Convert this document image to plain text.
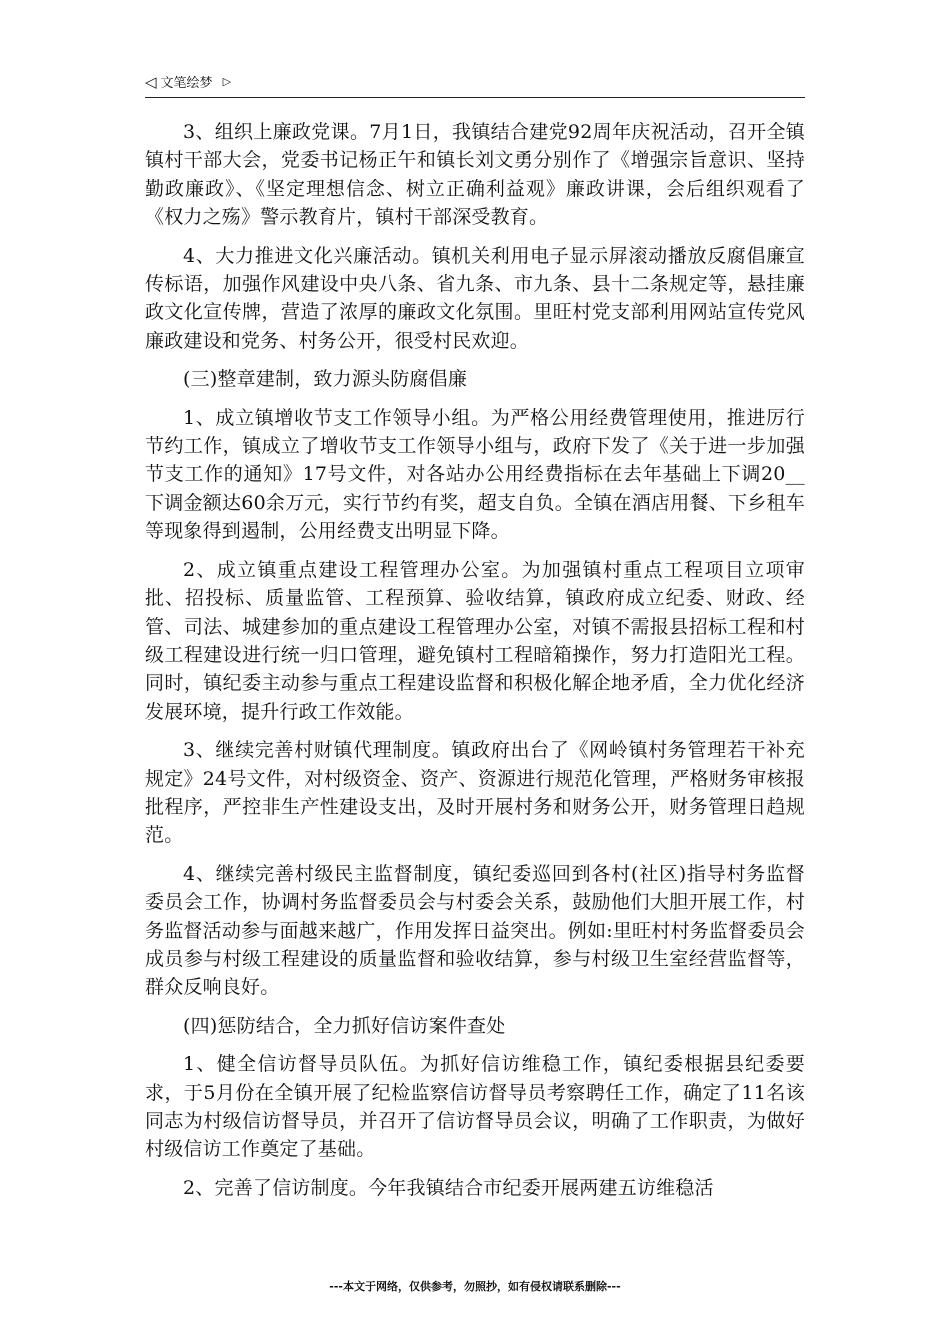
◁ 文笔绘梦 ▷

3、组织上廉政党课。7月1日，我镇结合建党92周年庆祝活动，召开全镇镇村干部大会，党委书记杨正午和镇长刘文勇分别作了《增强宗旨意识、坚持勤政廉政》、《坚定理想信念、树立正确利益观》廉政讲课，会后组织观看了《权力之殇》警示教育片，镇村干部深受教育。

4、大力推进文化兴廉活动。镇机关利用电子显示屏滚动播放反腐倡廉宣传标语，加强作风建设中央八条、省九条、市九条、县十二条规定等，悬挂廉政文化宣传牌，营造了浓厚的廉政文化氛围。里旺村党支部利用网站宣传党风廉政建设和党务、村务公开，很受村民欢迎。

(三)整章建制，致力源头防腐倡廉

1、成立镇增收节支工作领导小组。为严格公用经费管理使用，推进厉行节约工作，镇成立了增收节支工作领导小组与，政府下发了《关于进一步加强节支工作的通知》17号文件，对各站办公用经费指标在去年基础上下调20__下调金额达60余万元，实行节约有奖，超支自负。全镇在酒店用餐、下乡租车等现象得到遏制，公用经费支出明显下降。

2、成立镇重点建设工程管理办公室。为加强镇村重点工程项目立项审批、招投标、质量监管、工程预算、验收结算，镇政府成立纪委、财政、经管、司法、城建参加的重点建设工程管理办公室，对镇不需报县招标工程和村级工程建设进行统一归口管理，避免镇村工程暗箱操作，努力打造阳光工程。同时，镇纪委主动参与重点工程建设监督和积极化解企地矛盾，全力优化经济发展环境，提升行政工作效能。

3、继续完善村财镇代理制度。镇政府出台了《网岭镇村务管理若干补充规定》24号文件，对村级资金、资产、资源进行规范化管理，严格财务审核报批程序，严控非生产性建设支出，及时开展村务和财务公开，财务管理日趋规范。

4、继续完善村级民主监督制度，镇纪委巡回到各村(社区)指导村务监督委员会工作，协调村务监督委员会与村委会关系，鼓励他们大胆开展工作，村务监督活动参与面越来越广，作用发挥日益突出。例如:里旺村村务监督委员会成员参与村级工程建设的质量监督和验收结算，参与村级卫生室经营监督等，群众反响良好。

(四)惩防结合，全力抓好信访案件查处

1、健全信访督导员队伍。为抓好信访维稳工作，镇纪委根据县纪委要求，于5月份在全镇开展了纪检监察信访督导员考察聘任工作，确定了11名该同志为村级信访督导员，并召开了信访督导员会议，明确了工作职责，为做好村级信访工作奠定了基础。

2、完善了信访制度。今年我镇结合市纪委开展两建五访维稳活

---本文于网络，仅供参考，勿照抄，如有侵权请联系删除---
